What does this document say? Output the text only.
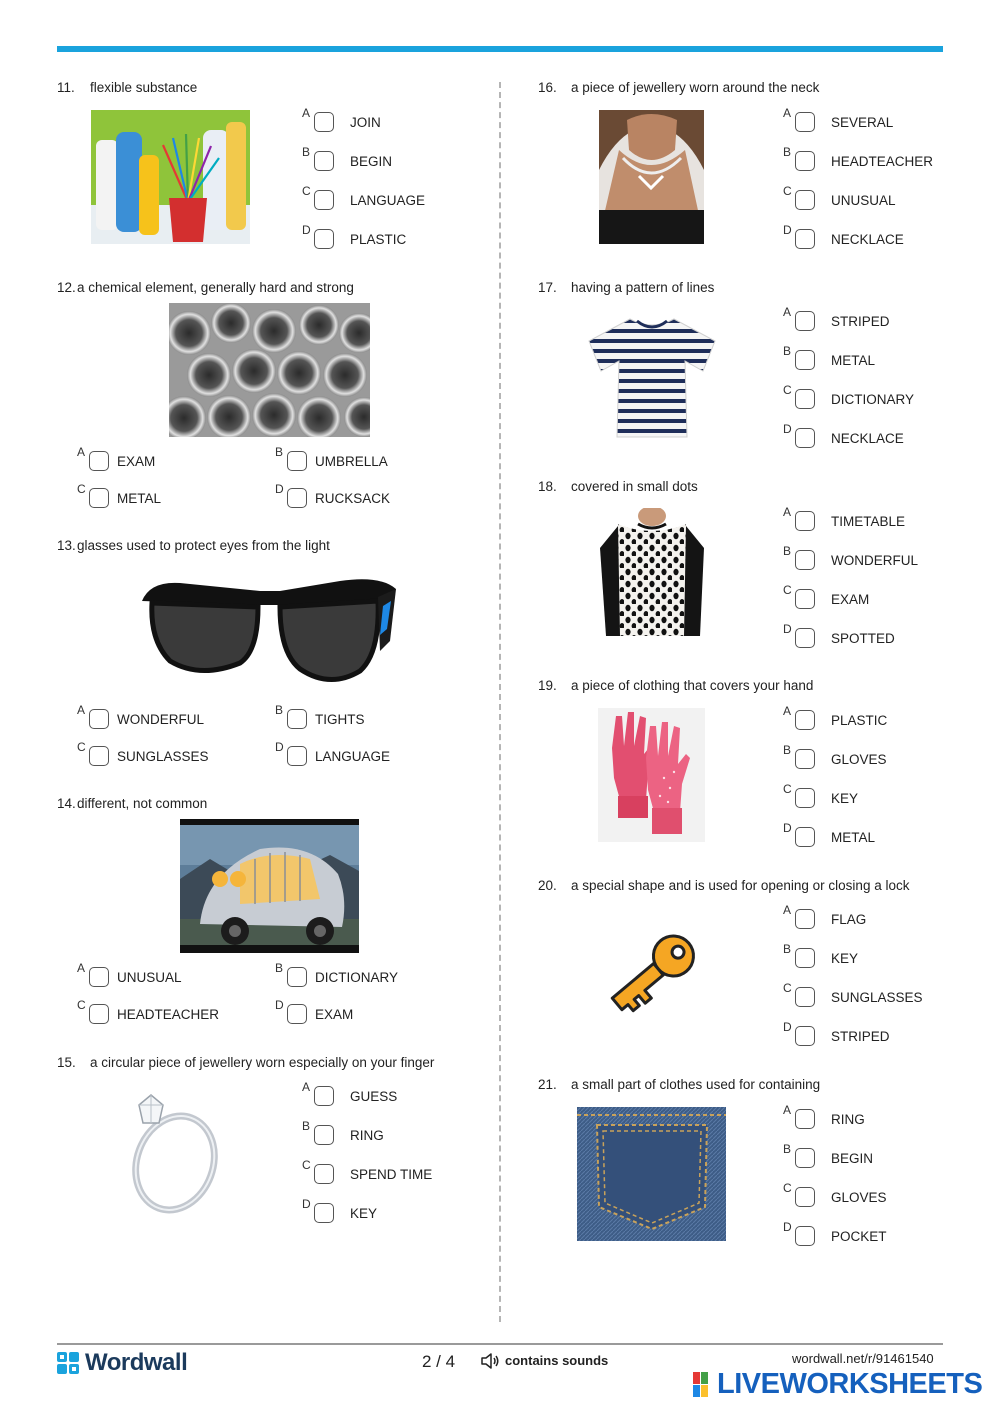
11. flexible substance
A
JOIN
B
BEGIN
C
LANGUAGE
D
PLASTIC
12.a chemical element, generally hard and strong
A
EXAM
B
UMBRELLA
C
METAL
D
RUCKSACK
13.glasses used to protect eyes from the light
A
WONDERFUL
B
TIGHTS
C
SUNGLASSES
D
LANGUAGE
14.different, not common
A
UNUSUAL
B
DICTIONARY
C
HEADTEACHER
D
EXAM
15. a circular piece of jewellery worn especially on your finger
A
GUESS
B
RING
C
SPEND TIME
D
KEY
16. a piece of jewellery worn around the neck
A
SEVERAL
B
HEADTEACHER
C
UNUSUAL
D
NECKLACE
17. having a pattern of lines
A
STRIPED
B
METAL
C
DICTIONARY
D
NECKLACE
18. covered in small dots
A
TIMETABLE
B
WONDERFUL
C
EXAM
D
SPOTTED
19. a piece of clothing that covers your hand
A
PLASTIC
B
GLOVES
C
KEY
D
METAL
20. a special shape and is used for opening or closing a lock
A
FLAG
B
KEY
C
SUNGLASSES
D
STRIPED
21. a small part of clothes used for containing
A
RING
B
BEGIN
C
GLOVES
D
POCKET
Wordwall	2 / 4	contains sounds	wordwall.net/r/91461540
LIVEWORKSHEETS
